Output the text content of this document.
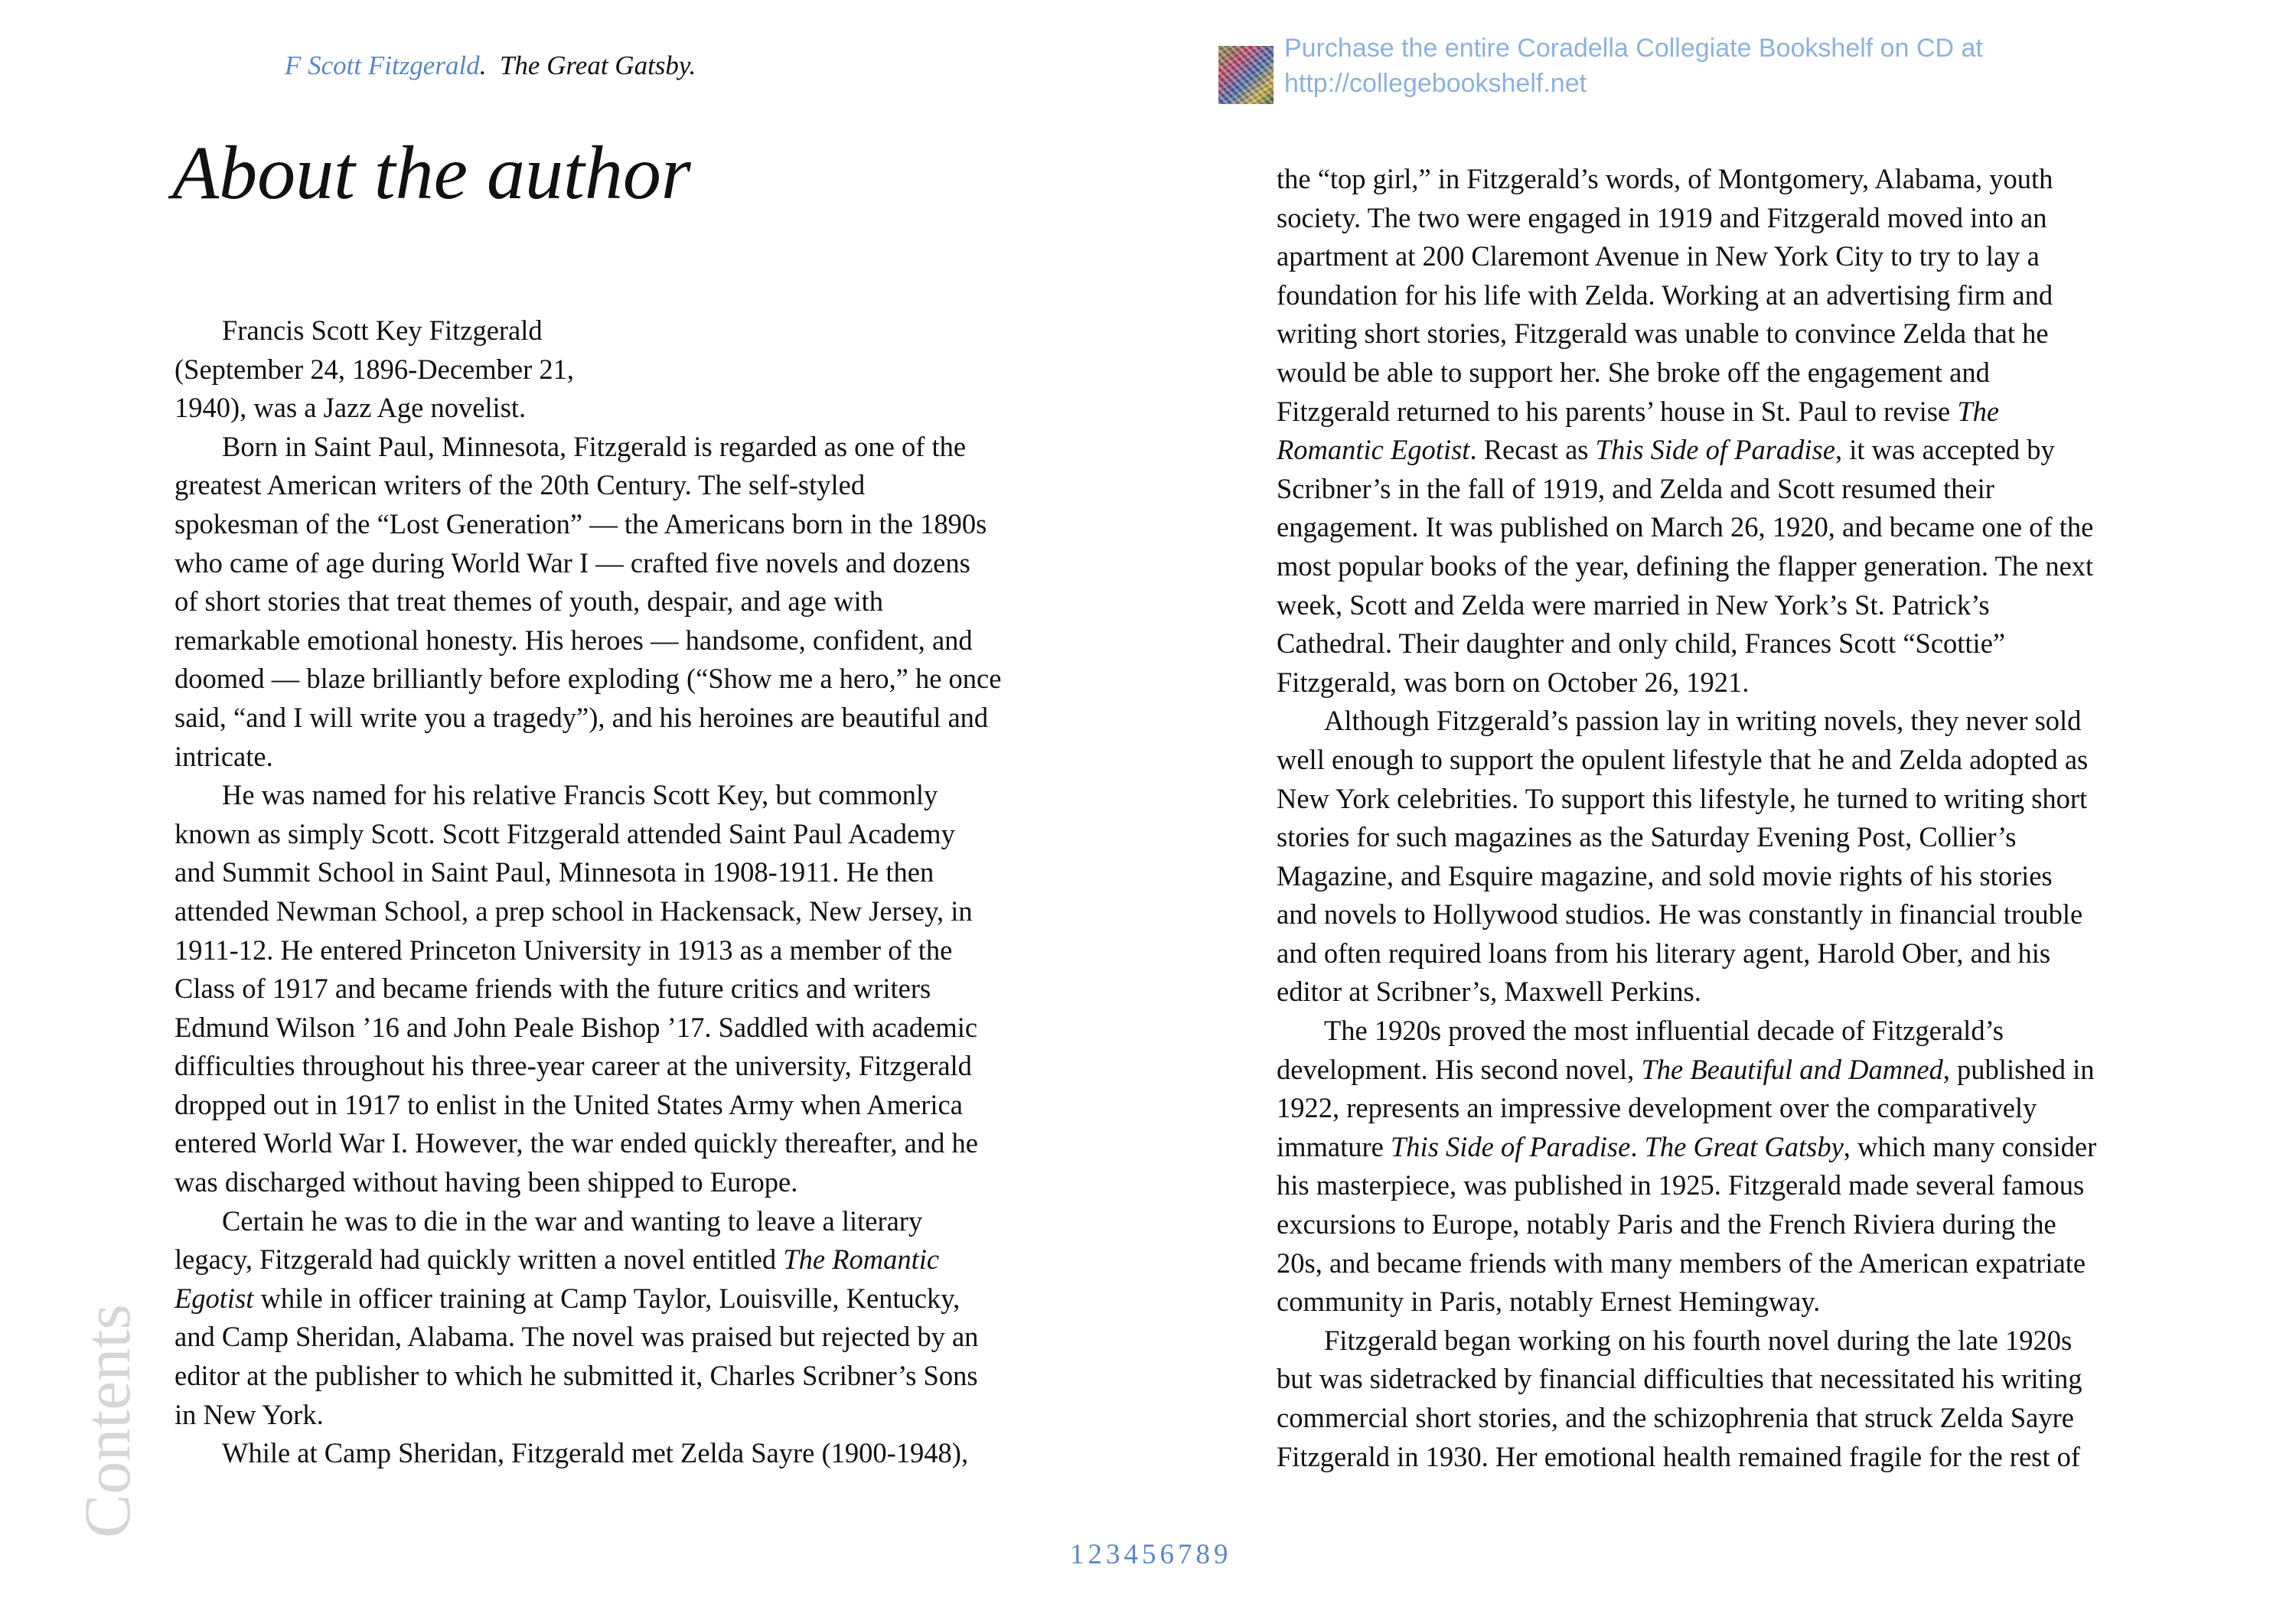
F Scott Fitzgerald. The Great Gatsby.
Purchase the entire Coradella Collegiate Bookshelf on CD at
http://collegebookshelf.net
About the author

Francis Scott Key Fitzgerald
(September 24, 1896-December 21,
1940), was a Jazz Age novelist.

Born in Saint Paul, Minnesota, Fitzgerald is regarded as one of the
greatest American writers of the 20th Century. The self-styled
spokesman of the “Lost Generation” — the Americans born in the 1890s
who came of age during World War I — crafted five novels and dozens
of short stories that treat themes of youth, despair, and age with
remarkable emotional honesty. His heroes — handsome, confident, and
doomed — blaze brilliantly before exploding (“Show me a hero,” he once
said, “and I will write you a tragedy”), and his heroines are beautiful and
intricate.

He was named for his relative Francis Scott Key, but commonly
known as simply Scott. Scott Fitzgerald attended Saint Paul Academy
and Summit School in Saint Paul, Minnesota in 1908-1911. He then
attended Newman School, a prep school in Hackensack, New Jersey, in
1911-12. He entered Princeton University in 1913 as a member of the
Class of 1917 and became friends with the future critics and writers
Edmund Wilson ’16 and John Peale Bishop ’17. Saddled with academic
difficulties throughout his three-year career at the university, Fitzgerald
dropped out in 1917 to enlist in the United States Army when America
entered World War I. However, the war ended quickly thereafter, and he
was discharged without having been shipped to Europe.

Certain he was to die in the war and wanting to leave a literary
legacy, Fitzgerald had quickly written a novel entitled The Romantic
Egotist while in officer training at Camp Taylor, Louisville, Kentucky,
and Camp Sheridan, Alabama. The novel was praised but rejected by an
editor at the publisher to which he submitted it, Charles Scribner’s Sons
in New York.

While at Camp Sheridan, Fitzgerald met Zelda Sayre (1900-1948),

the “top girl,” in Fitzgerald’s words, of Montgomery, Alabama, youth
society. The two were engaged in 1919 and Fitzgerald moved into an
apartment at 200 Claremont Avenue in New York City to try to lay a
foundation for his life with Zelda. Working at an advertising firm and
writing short stories, Fitzgerald was unable to convince Zelda that he
would be able to support her. She broke off the engagement and
Fitzgerald returned to his parents’ house in St. Paul to revise The
Romantic Egotist. Recast as This Side of Paradise, it was accepted by
Scribner’s in the fall of 1919, and Zelda and Scott resumed their
engagement. It was published on March 26, 1920, and became one of the
most popular books of the year, defining the flapper generation. The next
week, Scott and Zelda were married in New York’s St. Patrick’s
Cathedral. Their daughter and only child, Frances Scott “Scottie”
Fitzgerald, was born on October 26, 1921.

Although Fitzgerald’s passion lay in writing novels, they never sold
well enough to support the opulent lifestyle that he and Zelda adopted as
New York celebrities. To support this lifestyle, he turned to writing short
stories for such magazines as the Saturday Evening Post, Collier’s
Magazine, and Esquire magazine, and sold movie rights of his stories
and novels to Hollywood studios. He was constantly in financial trouble
and often required loans from his literary agent, Harold Ober, and his
editor at Scribner’s, Maxwell Perkins.

The 1920s proved the most influential decade of Fitzgerald’s
development. His second novel, The Beautiful and Damned, published in
1922, represents an impressive development over the comparatively
immature This Side of Paradise. The Great Gatsby, which many consider
his masterpiece, was published in 1925. Fitzgerald made several famous
excursions to Europe, notably Paris and the French Riviera during the
20s, and became friends with many members of the American expatriate
community in Paris, notably Ernest Hemingway.

Fitzgerald began working on his fourth novel during the late 1920s
but was sidetracked by financial difficulties that necessitated his writing
commercial short stories, and the schizophrenia that struck Zelda Sayre
Fitzgerald in 1930. Her emotional health remained fragile for the rest of

Contents
1 2 3 4 5 6 7 8 9
